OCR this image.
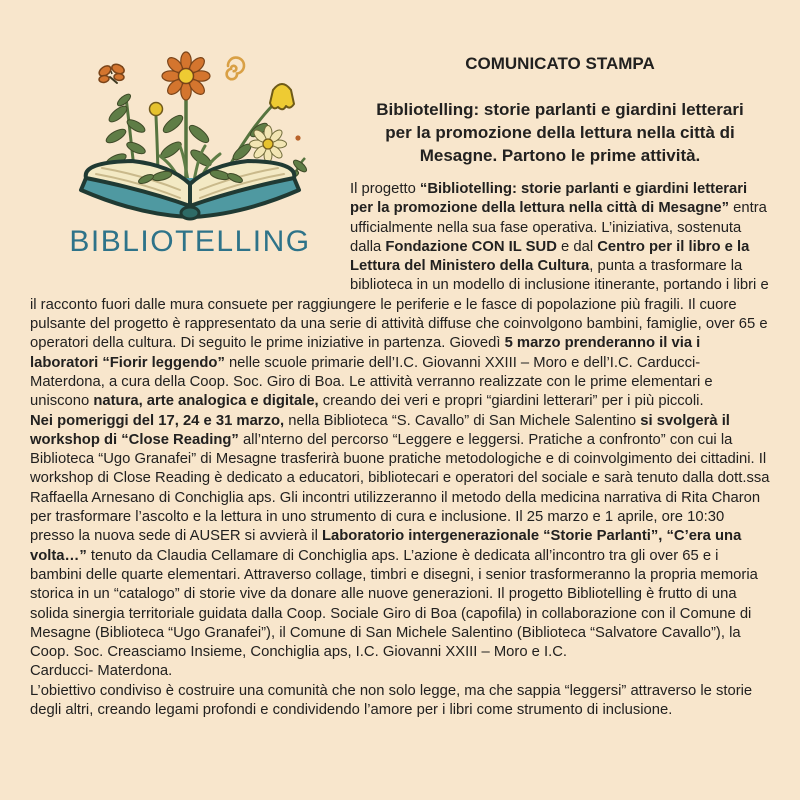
BIBLIOTELLING
COMUNICATO STAMPA
Bibliotelling: storie parlanti e giardini letterari
per la promozione della lettura nella città di
Mesagne. Partono le prime attività.

Il progetto “Bibliotelling: storie parlanti e giardini letterari per la promozione della lettura nella città di Mesagne” entra ufficialmente nella sua fase operativa. L’iniziativa, sostenuta dalla Fondazione CON IL SUD e dal Centro per il libro e la Lettura del Ministero della Cultura, punta a trasformare la biblioteca in un modello di inclusione itinerante, portando i libri e il racconto fuori dalle mura consuete per raggiungere le periferie e le fasce di popolazione più fragili. Il cuore pulsante del progetto è rappresentato da una serie di attività diffuse che coinvolgono bambini, famiglie, over 65 e operatori della cultura. Di seguito le prime iniziative in partenza. Giovedì 5 marzo prenderanno il via i laboratori “Fiorir leggendo” nelle scuole primarie dell’I.C. Giovanni XXIII – Moro e dell’I.C. Carducci- Materdona, a cura della Coop. Soc. Giro di Boa. Le attività verranno realizzate con le prime elementari e uniscono natura, arte analogica e digitale, creando dei veri e propri “giardini letterari” per i più piccoli.

Nei pomeriggi del 17, 24 e 31 marzo, nella Biblioteca “S. Cavallo” di San Michele Salentino si svolgerà il workshop di “Close Reading” all’nterno del percorso “Leggere e leggersi. Pratiche a confronto” con cui la Biblioteca “Ugo Granafei” di Mesagne trasferirà buone pratiche metodologiche e di coinvolgimento dei cittadini. Il workshop di Close Reading è dedicato a educatori, bibliotecari e operatori del sociale e sarà tenuto dalla dott.ssa Raffaella Arnesano di Conchiglia aps. Gli incontri utilizzeranno il metodo della medicina narrativa di Rita Charon per trasformare l’ascolto e la lettura in uno strumento di cura e inclusione. Il 25 marzo e 1 aprile, ore 10:30 presso la nuova sede di AUSER si avvierà il Laboratorio intergenerazionale “Storie Parlanti”, “C’era una volta…” tenuto da Claudia Cellamare di Conchiglia aps. L’azione è dedicata all’incontro tra gli over 65 e i bambini delle quarte elementari. Attraverso collage, timbri e disegni, i senior trasformeranno la propria memoria storica in un “catalogo” di storie vive da donare alle nuove generazioni. Il progetto Bibliotelling è frutto di una solida sinergia territoriale guidata dalla Coop. Sociale Giro di Boa (capofila) in collaborazione con il Comune di Mesagne (Biblioteca “Ugo Granafei”), il Comune di San Michele Salentino (Biblioteca “Salvatore Cavallo”), la Coop. Soc. Creasciamo Insieme, Conchiglia aps, I.C. Giovanni XXIII – Moro e I.C.

Carducci- Materdona.

L’obiettivo condiviso è costruire una comunità che non solo legge, ma che sappia “leggersi” attraverso le storie degli altri, creando legami profondi e condividendo l’amore per i libri come strumento di inclusione.
